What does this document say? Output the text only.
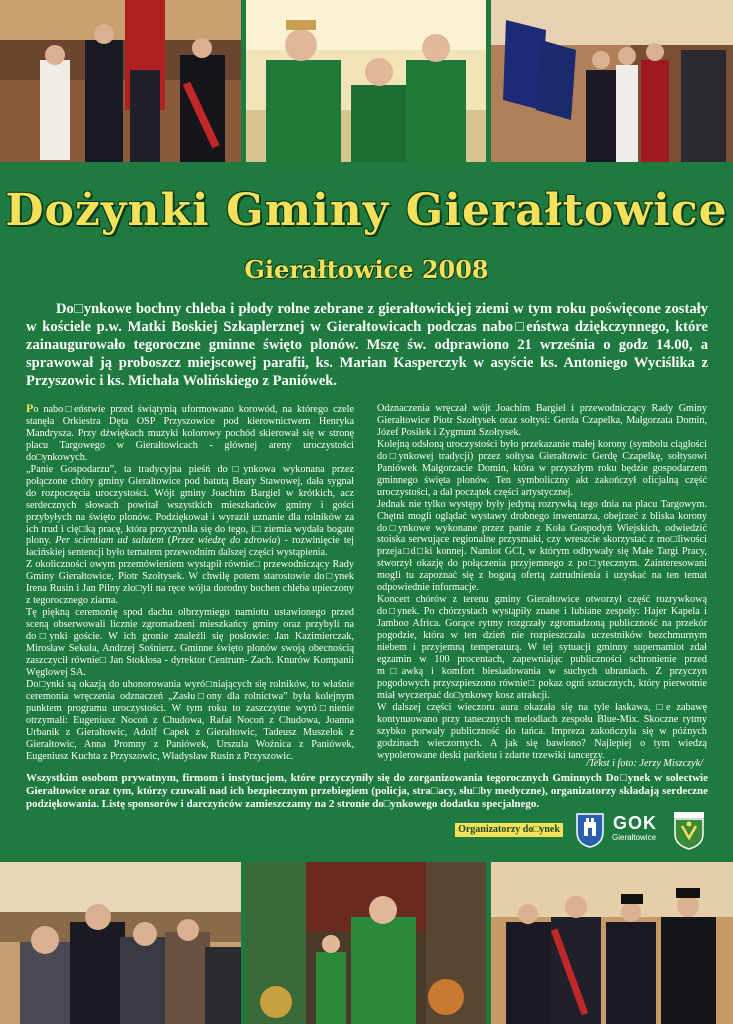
Dożynki Gminy Gierałtowice
Gierałtowice 2008

Do□ynkowe bochny chleba i płody rolne zebrane z gierałtowickjej ziemi w tym roku poświęcone zostały w kościele p.w. Matki Boskiej Szkaplerznej w Gierałtowicach podczas nabo□eństwa dziękczynnego, które zainaugurowało tegoroczne gminne święto plonów. Mszę św. odprawiono 21 września o godz 14.00, a sprawował ją proboszcz miejscowej parafii, ks. Marian Kasperczyk w asyście ks. Antoniego Wyciślika z Przyszowic i ks. Michała Wolińskiego z Paniówek.

Po nabo□eństwie przed świątynią uformowano korowód, na którego czele stanęła Orkiestra Dęta OSP Przyszowice pod kierownictwem Henryka Mandrysza. Przy dźwiękach muzyki kolorowy pochód skierował się w stronę placu Targowego w Gierałtowicach - głównej areny uroczystości do□ynkowych.

„Panie Gospodarzu”, ta tradycyjna pieśń do□ynkowa wykonana przez połączone chóry gminy Gierałtowice pod batutą Beaty Stawowej, dała sygnał do rozpoczęcia uroczystości. Wójt gminy Joachim Bargiel w krótkich, acz serdecznych słowach powitał wszystkich mieszkańców gminy i gości przybyłych na święto plonów. Podziękował i wyraził uznanie dla rolników za ich trud i cię□ką pracę, która przyczyniła się do tego, i□ ziemia wydała bogate plony. Per scientiam ad salutem (Przez wiedzę do zdrowia) - rozwinięcie tej łacińskiej sentencji było tematem przewodnim dalszej części wystąpienia.

Z okoliczności owym przemówieniem wystąpił równie□ przewodniczący Rady Gminy Gierałtowice, Piotr Szołtysek. W chwilę potem starostowie do□ynek Irena Rusin i Jan Pilny zło□yli na ręce wójta dorodny bochen chleba upieczony z tegorocznego ziarna.

Tę piękną ceremonię spod dachu olbrzymiego namiotu ustawionego przed sceną obserwowali licznie zgromadzeni mieszkańcy gminy oraz przybyli na do□ynki goście. W ich gronie znaleźli się posłowie: Jan Kazimierczak, Mirosław Sekuła, Andrzej Sośnierz. Gminne święto plonów swoją obecnością zaszczycił równie□ Jan Stokłosa - dyrektor Centrum- Zach. Knurów Kompanii Węglowej SA.

Do□ynki są okazją do uhonorowania wyró□niających się rolników, to właśnie ceremonia wręczenia odznaczeń „Zasłu□ony dla rolnictwa” była kolejnym punktem programu uroczystości. W tym roku to zaszczytne wyró□nienie otrzymali: Eugeniusz Nocoń z Chudowa, Rafał Nocoń z Chudowa, Joanna Urbanik z Gierałtowic, Adolf Capek z Gierałtowic, Tadeusz Muszelok z Gierałtowic, Anna Promny z Paniówek, Urszula Woźnica z Paniówek, Eugeniusz Kuchta z Przyszowic, Władysław Rusin z Przyszowic.

Odznaczenia wręczał wójt Joachim Bargiel i przewodniczący Rady Gminy Gierałtowice Piotr Szołtysek oraz sołtysi: Gerda Czapelka, Małgorzata Domin, Józef Posiłek i Zygmunt Szołtysek.

Kolejną odsłoną uroczystości było przekazanie małej korony (symbolu ciągłości do□ynkowej tradycji) przez sołtysa Gierałtowic Gerdę Czapelkę, sołtysowi Paniówek Małgorzacie Domin, która w przyszłym roku będzie gospodarzem gminnego święta plonów. Ten symboliczny akt zakończył oficjalną część uroczystości, a dał początek części artystycznej.

Jednak nie tylko występy były jedyną rozrywką tego dnia na placu Targowym. Chętni mogli oglądać wystawy drobnego inwentarza, obejrzeć z bliska korony do□ynkowe wykonane przez panie z Koła Gospodyń Wiejskich, odwiedzić stoiska serwujące regionalne przysmaki, czy wreszcie skorzystać z mo□liwości przeja□d□ki konnej. Namiot GCI, w którym odbywały się Małe Targi Pracy, stworzył okazję do połączenia przyjemnego z po□ytecznym. Zainteresowani mogli tu zapoznać się z bogatą ofertą zatrudnienia i uzyskać na ten temat odpowiednie informacje.

Koncert chórów z terenu gminy Gierałtowice otworzył część rozrywkową do□ynek. Po chórzystach wystąpiły znane i lubiane zespoły: Hajer Kapela i Jamboo Africa. Gorące rytmy rozgrzały zgromadzoną publiczność na przekór pogodzie, która w ten dzień nie rozpieszczała uczestników bezchmurnym niebem i przyjemną temperaturą. W tej sytuacji gminny supernamiot zdał egzamin w 100 procentach, zapewniając publiczności schronienie przed m□awką i komfort biesiadowania w suchych ubraniach. Z przyczyn pogodowych przyszpieszono równie□ pokaz ogni sztucznych, który pierwotnie miał wyczerpać do□ynkowy kosz atrakcji.

W dalszej części wieczoru aura okazała się na tyle łaskawa, □e zabawę kontynuowano przy tanecznych melodiach zespołu Blue-Mix. Skoczne rytmy szybko porwały publiczność do tańca. Impreza zakończyła się w późnych godzinach wieczornych. A jak się bawiono? Najlepiej o tym wiedzą wypolerowane deski parkietu i zdarte trzewiki tancerzy.

/Tekst i foto: Jerzy Miszczyk/
Wszystkim osobom prywatnym, firmom i instytucjom, które przyczyniły się do zorganizowania tegorocznych Gminnych Do□ynek w sołectwie Gierałtowice oraz tym, którzy czuwali nad ich bezpiecznym przebiegiem (policja, stra□acy, słu□by medyczne), organizatorzy składają serdeczne podziękowania. Listę sponsorów i darczyńców zamieszczamy na 2 stronie do□ynkowego dodatku specjalnego.
Organizatorzy do□ynek	GOK
Gierałtowice
